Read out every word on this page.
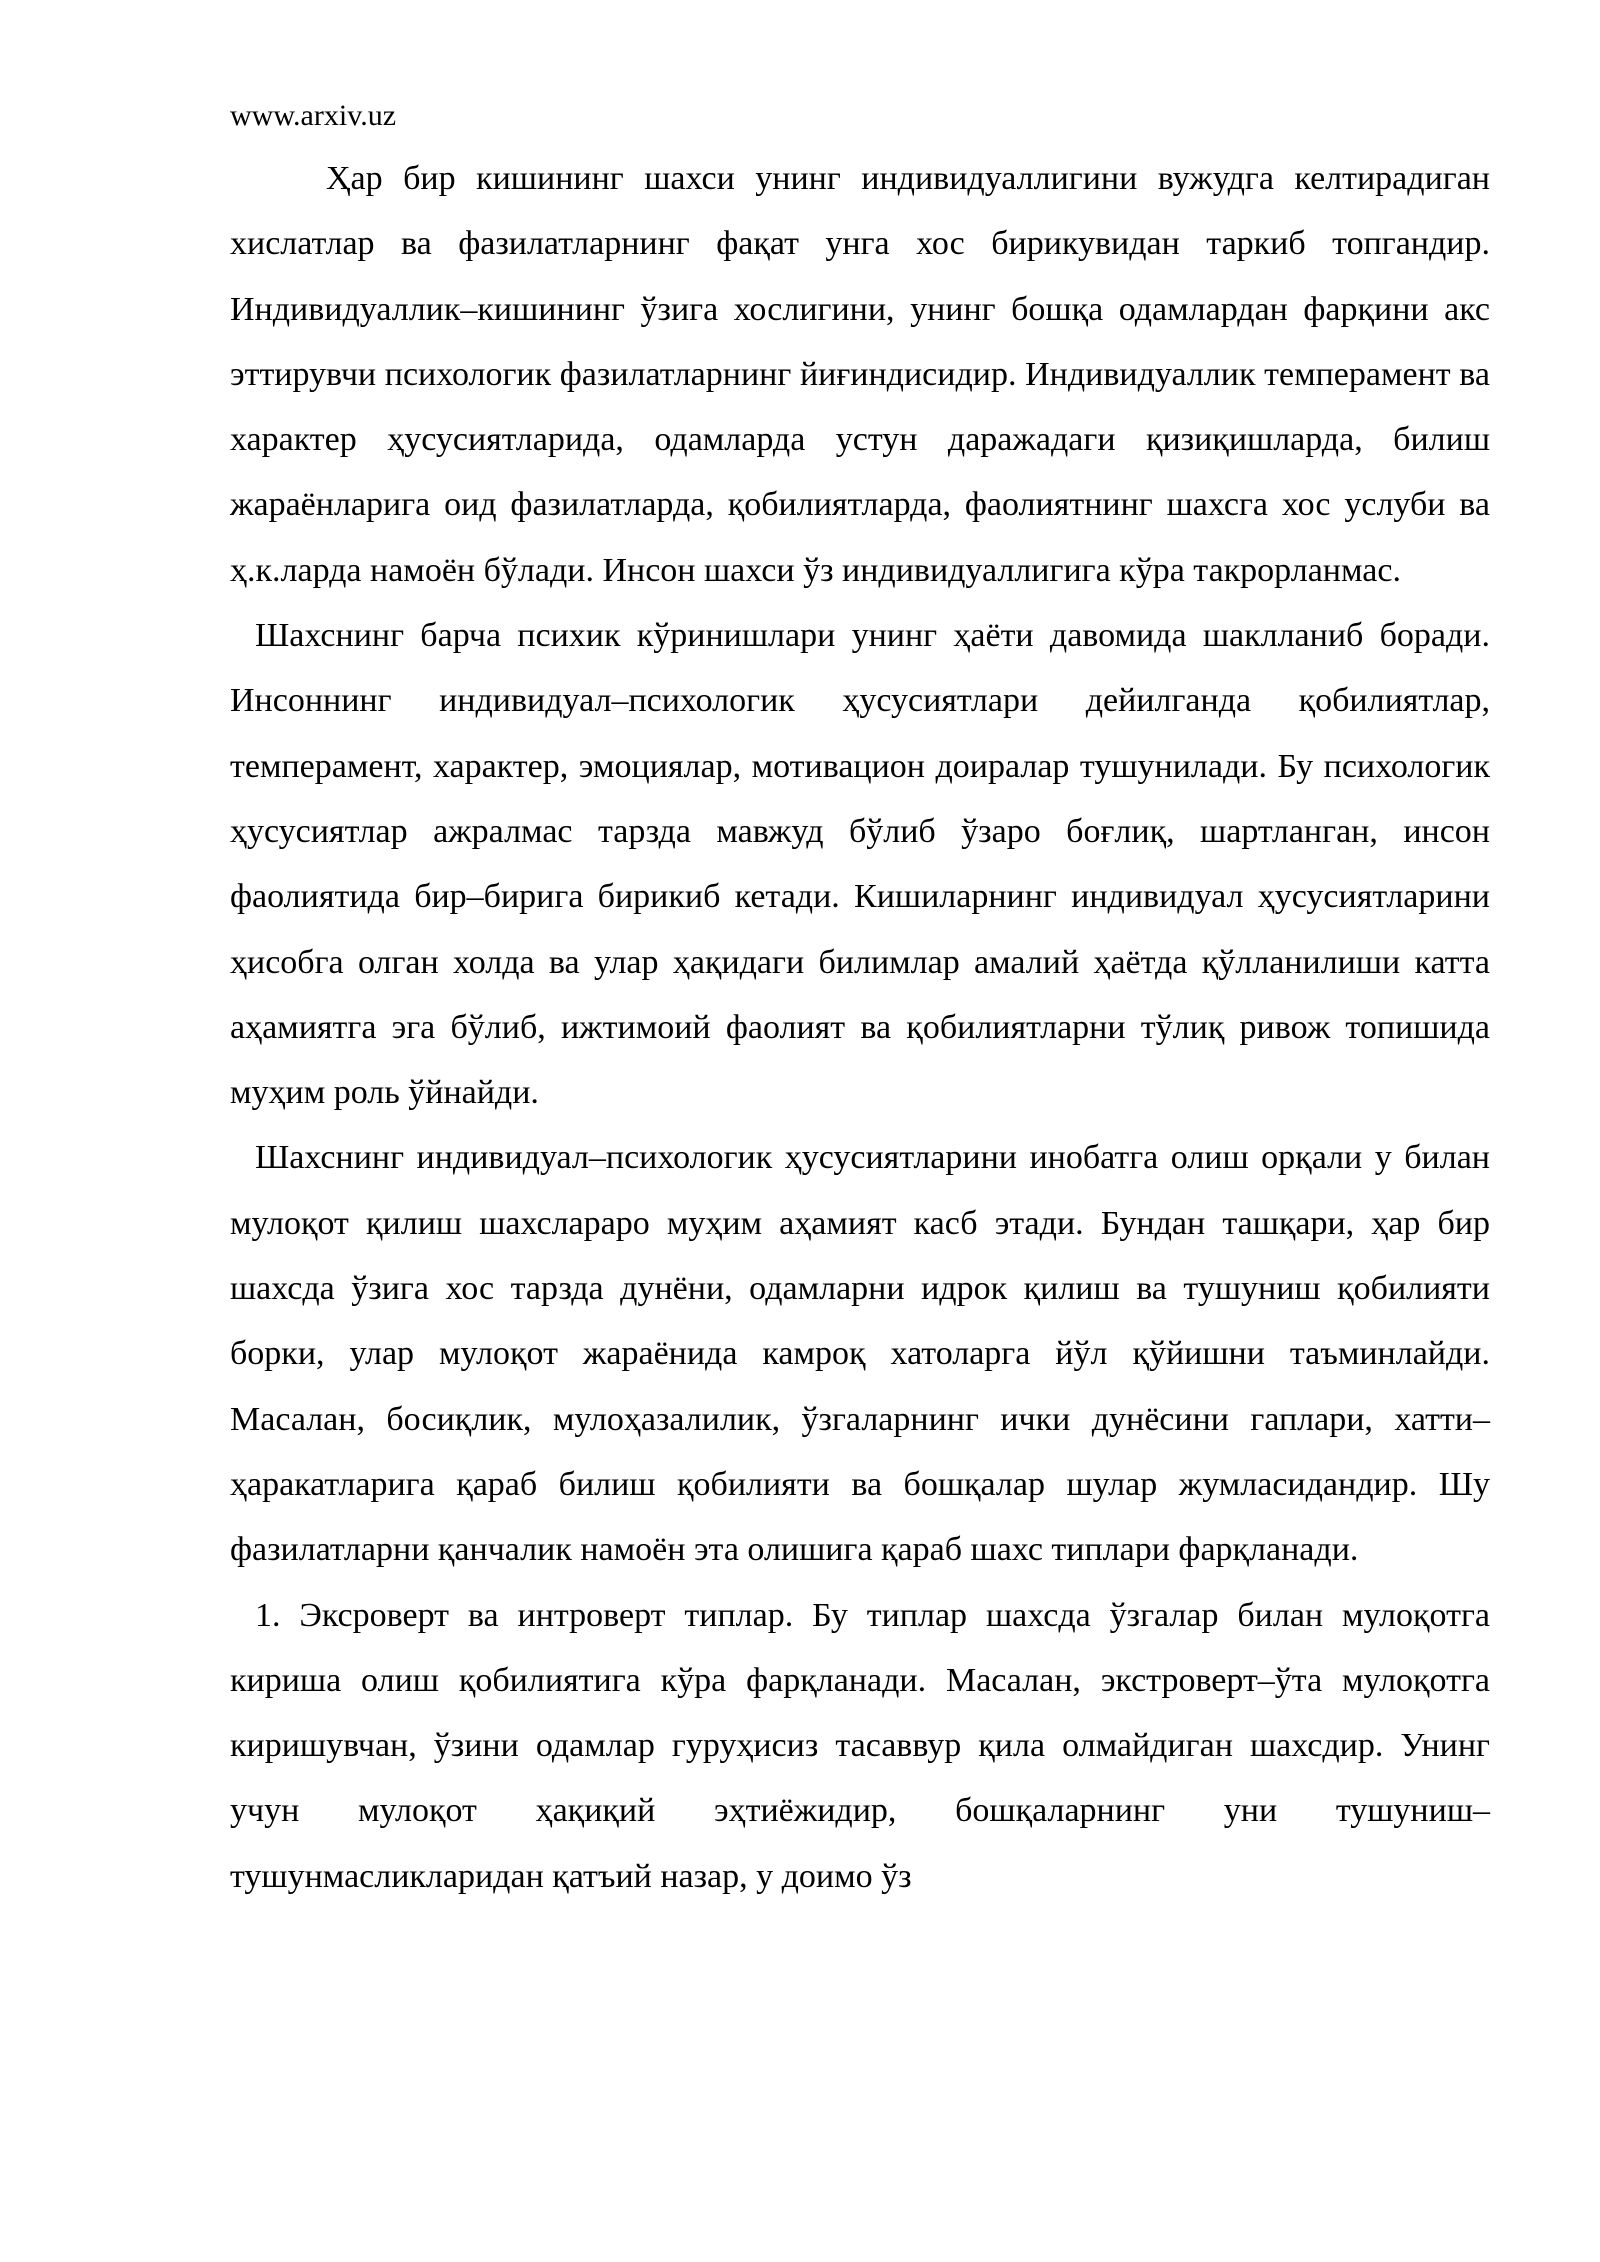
www.arxiv.uz

Ҳар бир кишининг шахси унинг индивидуаллигини вужудга келтирадиган хислатлар ва фазилатларнинг фақат унга хос бирикувидан таркиб топгандир. Индивидуаллик–кишининг ўзига хослигини, унинг бошқа одамлардан фарқини акс эттирувчи психологик фазилатларнинг йиғиндисидир. Индивидуаллик темперамент ва характер ҳусусиятларида, одамларда устун даражадаги қизиқишларда, билиш жараёнларига оид фазилатларда, қобилиятларда, фаолиятнинг шахсга хос услуби ва ҳ.к.ларда намоён бўлади. Инсон шахси ўз индивидуаллигига кўра такрорланмас.

Шахснинг барча психик кўринишлари унинг ҳаёти давомида шаклланиб боради. Инсоннинг индивидуал–психологик ҳусусиятлари дейилганда қобилиятлар, темперамент, характер, эмоциялар, мотивацион доиралар тушунилади. Бу психологик ҳусусиятлар ажралмас тарзда мавжуд бўлиб ўзаро боғлиқ, шартланган, инсон фаолиятида бир–бирига бирикиб кетади. Кишиларнинг индивидуал ҳусусиятларини ҳисобга олган холда ва улар ҳақидаги билимлар амалий ҳаётда қўлланилиши катта аҳамиятга эга бўлиб, ижтимоий фаолият ва қобилиятларни тўлиқ ривож топишида муҳим роль ўйнайди.

Шахснинг индивидуал–психологик ҳусусиятларини инобатга олиш орқали у билан мулоқот қилиш шахслараро муҳим аҳамият касб этади. Бундан ташқари, ҳар бир шахсда ўзига хос тарзда дунёни, одамларни идрок қилиш ва тушуниш қобилияти борки, улар мулоқот жараёнида камроқ хатоларга йўл қўйишни таъминлайди. Масалан, босиқлик, мулоҳазалилик, ўзгаларнинг ички дунёсини гаплари, хатти–ҳаракатларига қараб билиш қобилияти ва бошқалар шулар жумласидандир. Шу фазилатларни қанчалик намоён эта олишига қараб шахс типлари фарқланади.

1. Эксроверт ва интроверт типлар. Бу типлар шахсда ўзгалар билан мулоқотга кириша олиш қобилиятига кўра фарқланади. Масалан, экстроверт–ўта мулоқотга киришувчан, ўзини одамлар гуруҳисиз тасаввур қила олмайдиган шахсдир. Унинг учун мулоқот ҳақиқий эҳтиёжидир, бошқаларнинг уни тушуниш–тушунмасликларидан қатъий назар, у доимо ўз
